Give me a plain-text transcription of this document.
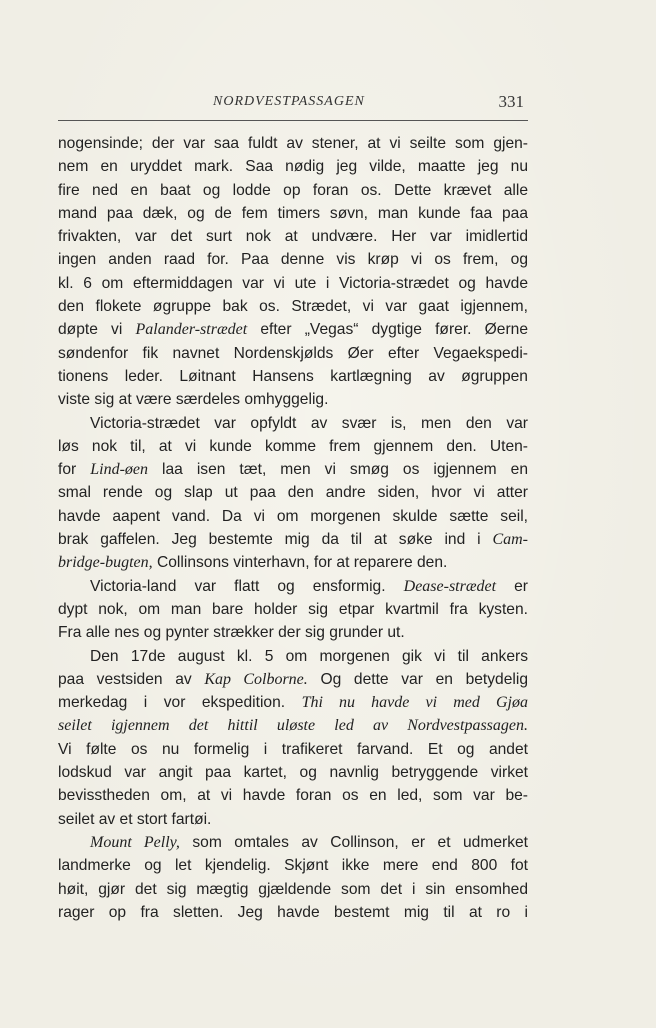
NORDVESTPASSAGEN	331
nogensinde; der var saa fuldt av stener, at vi seilte som gjen-
nem en uryddet mark. Saa nødig jeg vilde, maatte jeg nu
fire ned en baat og lodde op foran os. Dette krævet alle
mand paa dæk, og de fem timers søvn, man kunde faa paa
frivakten, var det surt nok at undvære. Her var imidlertid
ingen anden raad for. Paa denne vis krøp vi os frem, og
kl. 6 om eftermiddagen var vi ute i Victoria-strædet og havde
den flokete øgruppe bak os. Strædet, vi var gaat igjennem,
døpte vi Palander-strædet efter „Vegas“ dygtige fører. Øerne
søndenfor fik navnet Nordenskjølds Øer efter Vegaekspedi-
tionens leder. Løitnant Hansens kartlægning av øgruppen
viste sig at være særdeles omhyggelig.
Victoria-strædet var opfyldt av svær is, men den var
løs nok til, at vi kunde komme frem gjennem den. Uten-
for Lind-øen laa isen tæt, men vi smøg os igjennem en
smal rende og slap ut paa den andre siden, hvor vi atter
havde aapent vand. Da vi om morgenen skulde sætte seil,
brak gaffelen. Jeg bestemte mig da til at søke ind i Cam-
bridge-bugten, Collinsons vinterhavn, for at reparere den.
Victoria-land var flatt og ensformig. Dease-strædet er
dypt nok, om man bare holder sig etpar kvartmil fra kysten.
Fra alle nes og pynter strækker der sig grunder ut.
Den 17de august kl. 5 om morgenen gik vi til ankers
paa vestsiden av Kap Colborne. Og dette var en betydelig
merkedag i vor ekspedition. Thi nu havde vi med Gjøa
seilet igjennem det hittil uløste led av Nordvestpassagen.
Vi følte os nu formelig i trafikeret farvand. Et og andet
lodskud var angit paa kartet, og navnlig betryggende virket
bevisstheden om, at vi havde foran os en led, som var be-
seilet av et stort fartøi.
Mount Pelly, som omtales av Collinson, er et udmerket
landmerke og let kjendelig. Skjønt ikke mere end 800 fot
høit, gjør det sig mægtig gjældende som det i sin ensomhed
rager op fra sletten. Jeg havde bestemt mig til at ro i
